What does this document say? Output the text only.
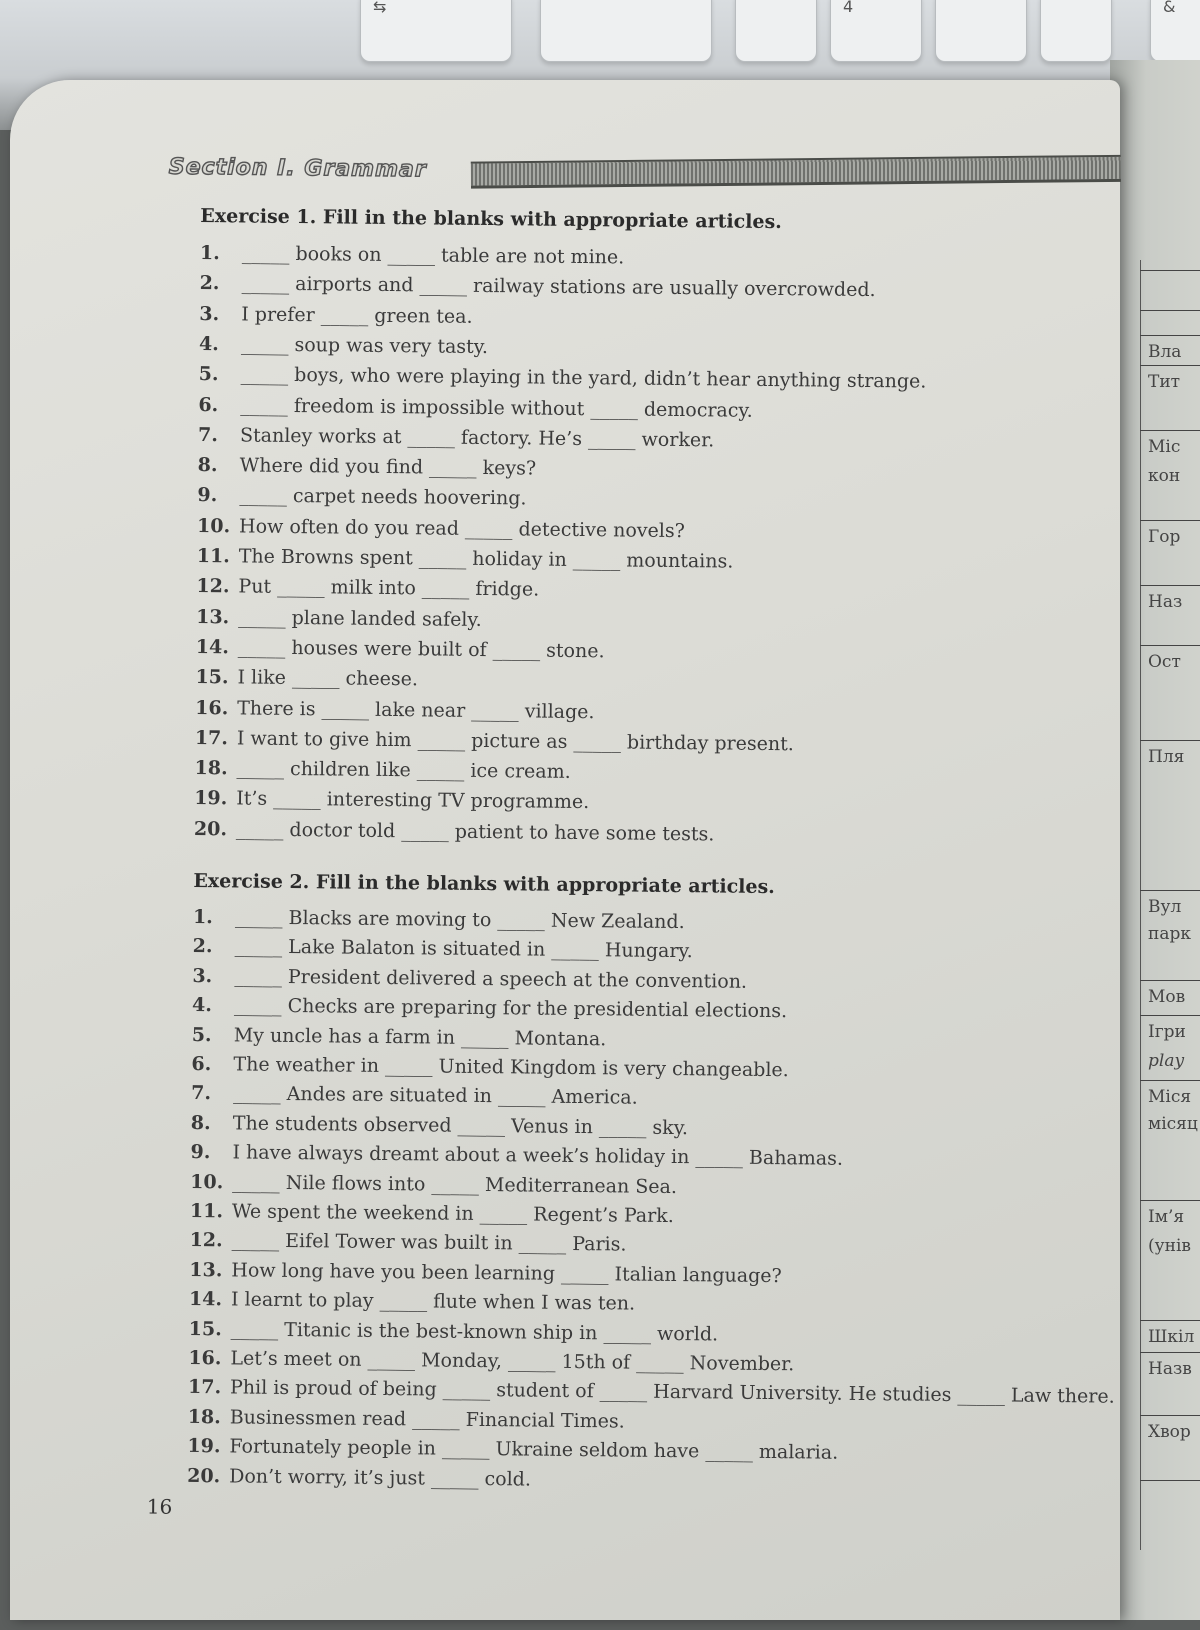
⇆	4	&
Вла
Тит
Міс
кон
Гор
Наз
Ост
Пля
Вул
парк
Мов
Ігри
play
Міся
місяц
Ім’я
(унів
Шкіл
Назв
Хвор
Section I. Grammar
Exercise 1. Fill in the blanks with appropriate articles.
1. _____ books on _____ table are not mine.
2. _____ airports and _____ railway stations are usually overcrowded.
3. I prefer _____ green tea.
4. _____ soup was very tasty.
5. _____ boys, who were playing in the yard, didn’t hear anything strange.
6. _____ freedom is impossible without _____ democracy.
7. Stanley works at _____ factory. He’s _____ worker.
8. Where did you find _____ keys?
9. _____ carpet needs hoovering.
10. How often do you read _____ detective novels?
11. The Browns spent _____ holiday in _____ mountains.
12. Put _____ milk into _____ fridge.
13. _____ plane landed safely.
14. _____ houses were built of _____ stone.
15. I like _____ cheese.
16. There is _____ lake near _____ village.
17. I want to give him _____ picture as _____ birthday present.
18. _____ children like _____ ice cream.
19. It’s _____ interesting TV programme.
20. _____ doctor told _____ patient to have some tests.
Exercise 2. Fill in the blanks with appropriate articles.
1. _____ Blacks are moving to _____ New Zealand.
2. _____ Lake Balaton is situated in _____ Hungary.
3. _____ President delivered a speech at the convention.
4. _____ Checks are preparing for the presidential elections.
5. My uncle has a farm in _____ Montana.
6. The weather in _____ United Kingdom is very changeable.
7. _____ Andes are situated in _____ America.
8. The students observed _____ Venus in _____ sky.
9. I have always dreamt about a week’s holiday in _____ Bahamas.
10. _____ Nile flows into _____ Mediterranean Sea.
11. We spent the weekend in _____ Regent’s Park.
12. _____ Eifel Tower was built in _____ Paris.
13. How long have you been learning _____ Italian language?
14. I learnt to play _____ flute when I was ten.
15. _____ Titanic is the best-known ship in _____ world.
16. Let’s meet on _____ Monday, _____ 15th of _____ November.
17. Phil is proud of being _____ student of _____ Harvard University. He studies _____ Law there.
18. Businessmen read _____ Financial Times.
19. Fortunately people in _____ Ukraine seldom have _____ malaria.
20. Don’t worry, it’s just _____ cold.
16
